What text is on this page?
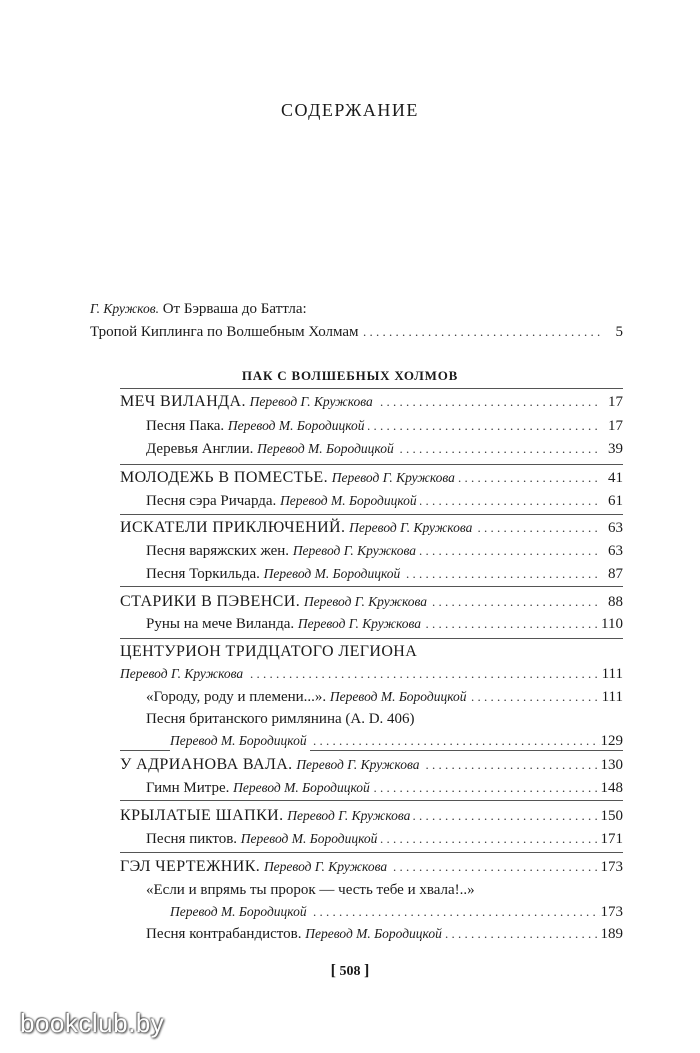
СОДЕРЖАНИЕ
Г. Кружков. От Бэрваша до Баттла:
. . .
Тропой Киплинга по Волшебным Холмам	5
ПАК С ВОЛШЕБНЫХ ХОЛМОВ
. . .
МЕЧ ВИЛАНДА. Перевод Г. Кружкова	17
. . .
Песня Пака. Перевод М. Бородицкой	17
. . .
Деревья Англии. Перевод М. Бородицкой	39
. . .
МОЛОДЕЖЬ В ПОМЕСТЬЕ. Перевод Г. Кружкова	41
. . .
Песня сэра Ричарда. Перевод М. Бородицкой	61
. . .
ИСКАТЕЛИ ПРИКЛЮЧЕНИЙ. Перевод Г. Кружкова	63
. . .
Песня варяжских жен. Перевод Г. Кружкова	63
. . .
Песня Торкильда. Перевод М. Бородицкой	87
. . .
СТАРИКИ В ПЭВЕНСИ. Перевод Г. Кружкова	88
. . .
Руны на мече Виланда. Перевод Г. Кружкова	110
ЦЕНТУРИОН ТРИДЦАТОГО ЛЕГИОНА
. . .
Перевод Г. Кружкова	111
. . .
«Городу, роду и племени...». Перевод М. Бородицкой	111
Песня британского римлянина (A. D. 406)
. . .
Перевод М. Бородицкой	129
. . .
У АДРИАНОВА ВАЛА. Перевод Г. Кружкова	130
. . .
Гимн Митре. Перевод М. Бородицкой	148
. . .
КРЫЛАТЫЕ ШАПКИ. Перевод Г. Кружкова	150
. . .
Песня пиктов. Перевод М. Бородицкой	171
. . .
ГЭЛ ЧЕРТЕЖНИК. Перевод Г. Кружкова	173
«Если и впрямь ты пророк — честь тебе и хвала!..»
. . .
Перевод М. Бородицкой	173
. . .
Песня контрабандистов. Перевод М. Бородицкой	189
[ 508 ]
bookclub.by
